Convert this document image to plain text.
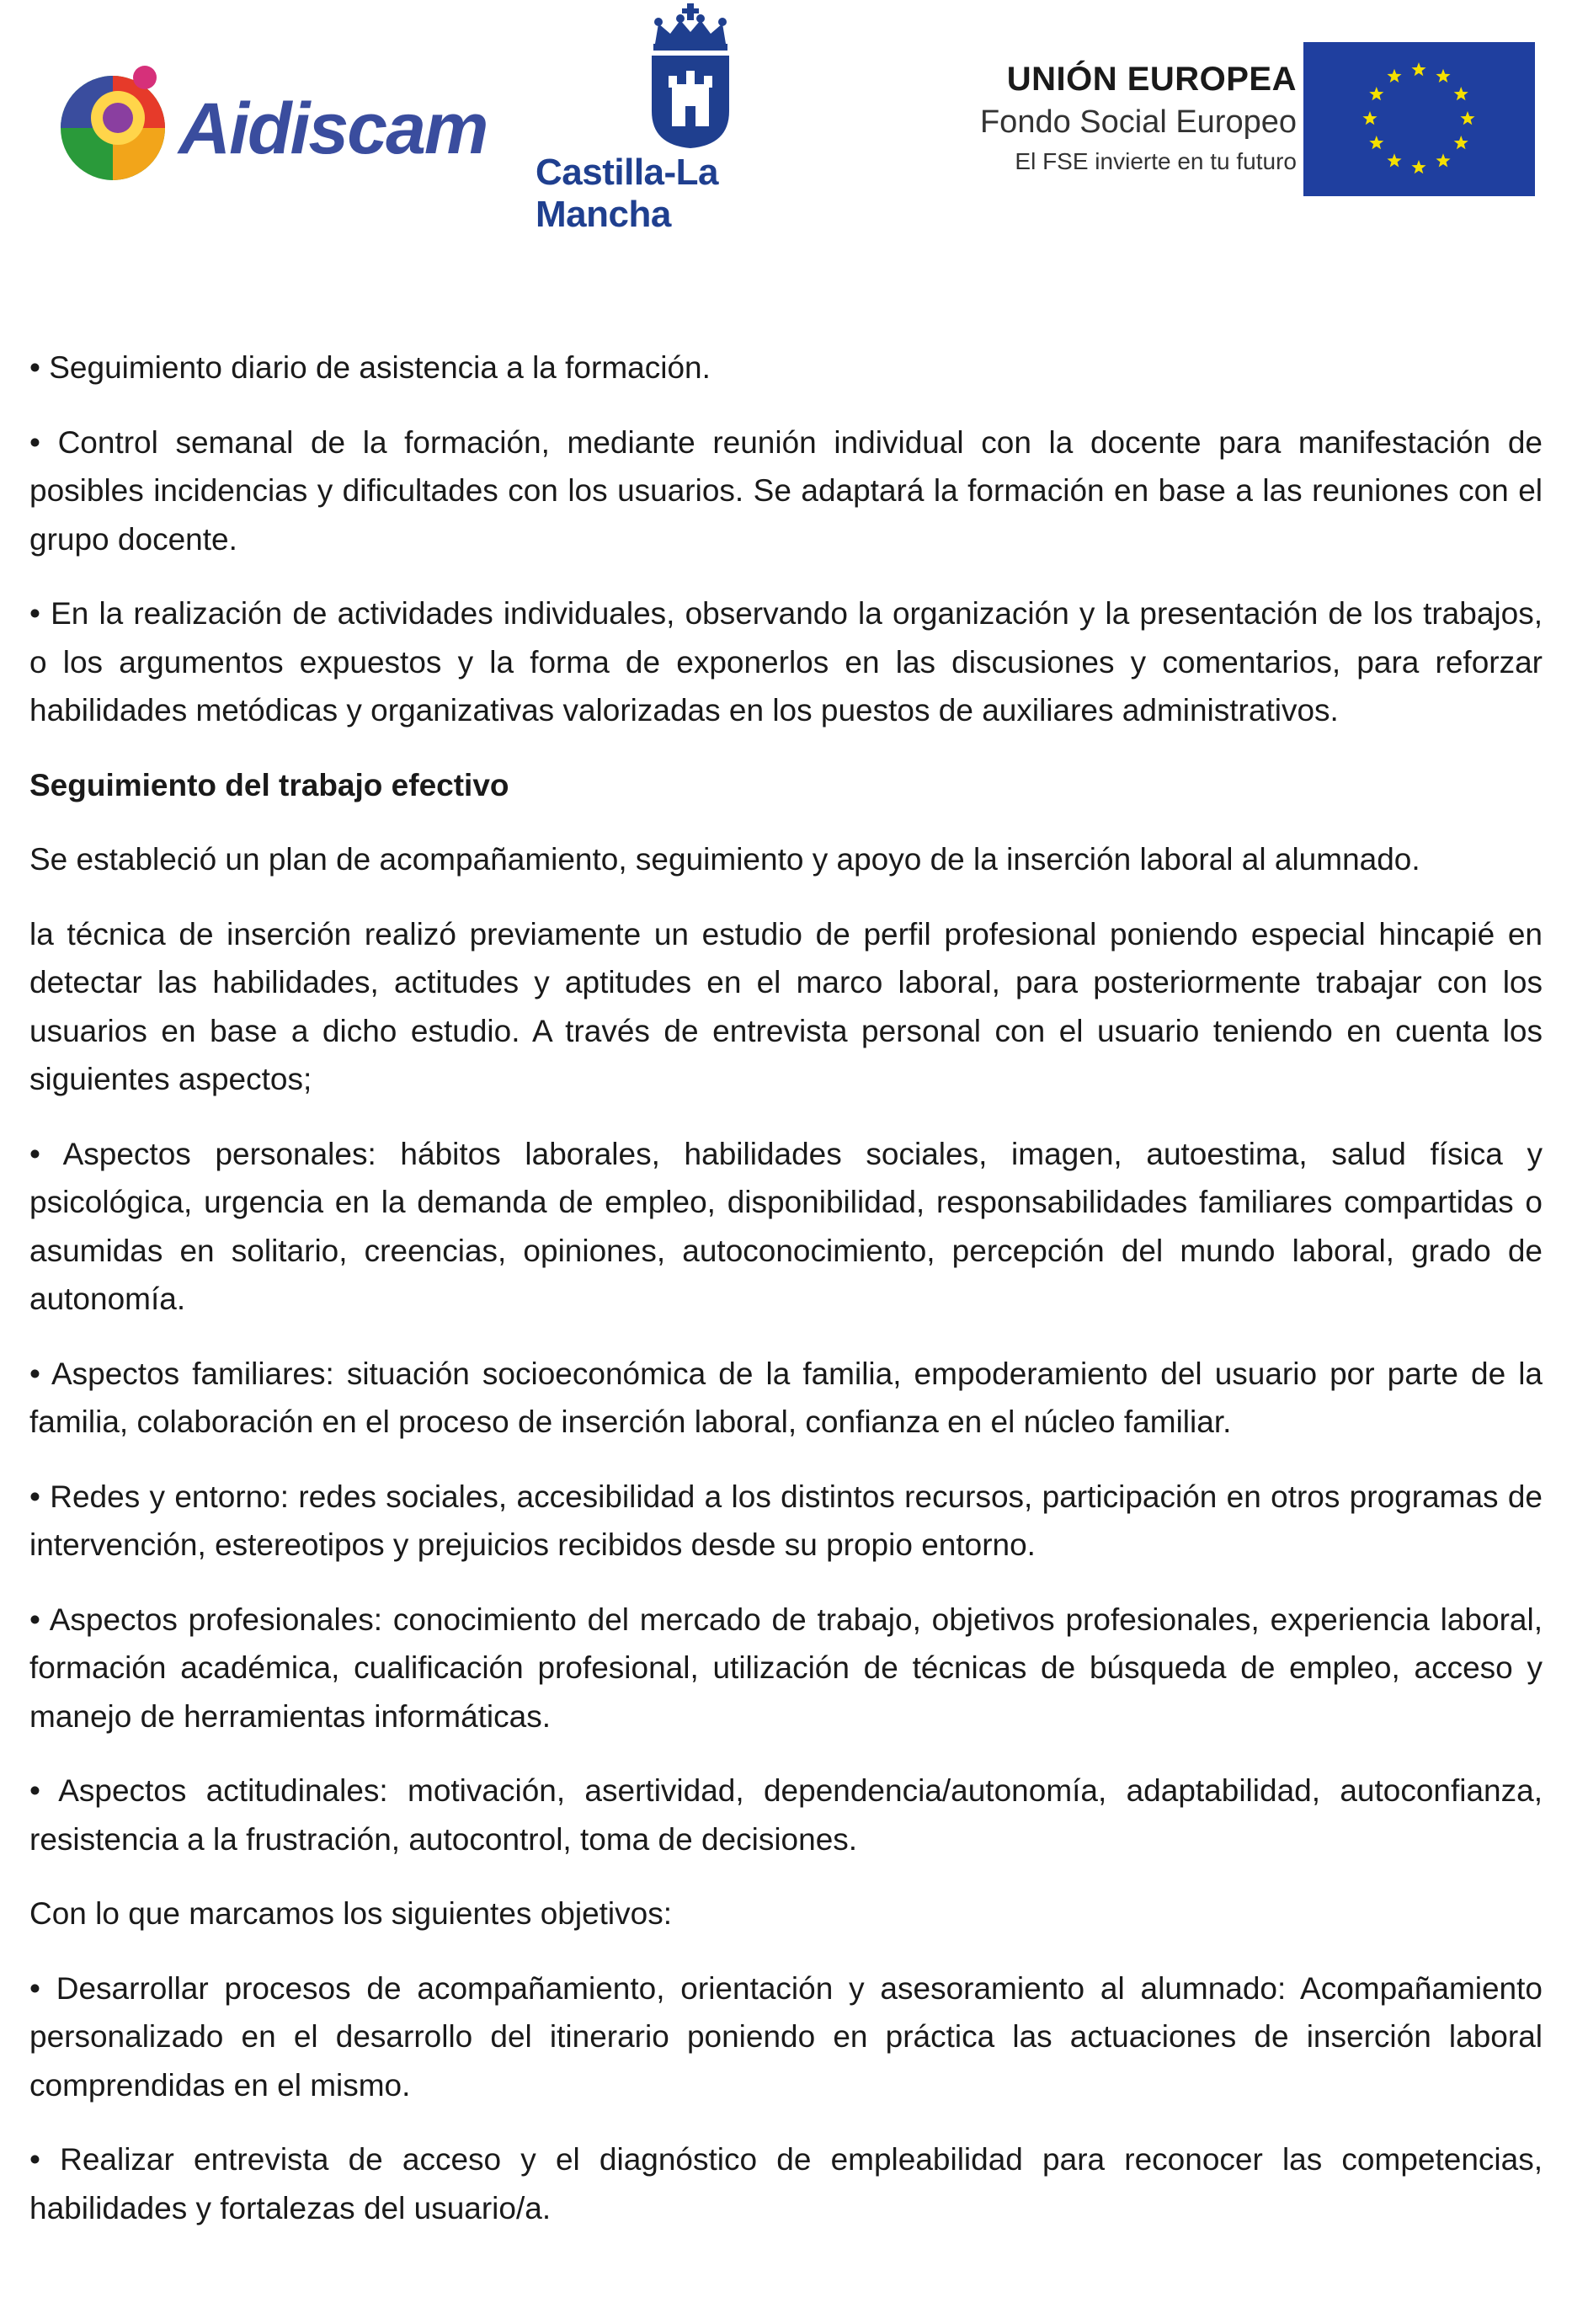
Aidiscam
Castilla-La Mancha
UNIÓN EUROPEA
Fondo Social Europeo
El FSE invierte en tu futuro

• Seguimiento diario de asistencia a la formación.

• Control semanal de la formación, mediante reunión individual con la docente para manifestación de posibles incidencias y dificultades con los usuarios. Se adaptará la formación en base a las reuniones con el grupo docente.

• En la realización de actividades individuales, observando la organización y la presentación de los trabajos, o los argumentos expuestos y la forma de exponerlos en las discusiones y comentarios, para reforzar habilidades metódicas y organizativas valorizadas en los puestos de auxiliares administrativos.

Seguimiento del trabajo efectivo

Se estableció un plan de acompañamiento, seguimiento y apoyo de la inserción laboral al alumnado.

la técnica de inserción realizó previamente un estudio de perfil profesional poniendo especial hincapié en detectar las habilidades, actitudes y aptitudes en el marco laboral, para posteriormente trabajar con los usuarios en base a dicho estudio. A través de entrevista personal con el usuario teniendo en cuenta los siguientes aspectos;

• Aspectos personales: hábitos laborales, habilidades sociales, imagen, autoestima, salud física y psicológica, urgencia en la demanda de empleo, disponibilidad, responsabilidades familiares compartidas o asumidas en solitario, creencias, opiniones, autoconocimiento, percepción del mundo laboral, grado de autonomía.

• Aspectos familiares: situación socioeconómica de la familia, empoderamiento del usuario por parte de la familia, colaboración en el proceso de inserción laboral, confianza en el núcleo familiar.

• Redes y entorno: redes sociales, accesibilidad a los distintos recursos, participación en otros programas de intervención, estereotipos y prejuicios recibidos desde su propio entorno.

• Aspectos profesionales: conocimiento del mercado de trabajo, objetivos profesionales, experiencia laboral, formación académica, cualificación profesional, utilización de técnicas de búsqueda de empleo, acceso y manejo de herramientas informáticas.

• Aspectos actitudinales: motivación, asertividad, dependencia/autonomía, adaptabilidad, autoconfianza, resistencia a la frustración, autocontrol, toma de decisiones.

Con lo que marcamos los siguientes objetivos:

• Desarrollar procesos de acompañamiento, orientación y asesoramiento al alumnado: Acompañamiento personalizado en el desarrollo del itinerario poniendo en práctica las actuaciones de inserción laboral comprendidas en el mismo.

• Realizar entrevista de acceso y el diagnóstico de empleabilidad para reconocer las competencias, habilidades y fortalezas del usuario/a.
